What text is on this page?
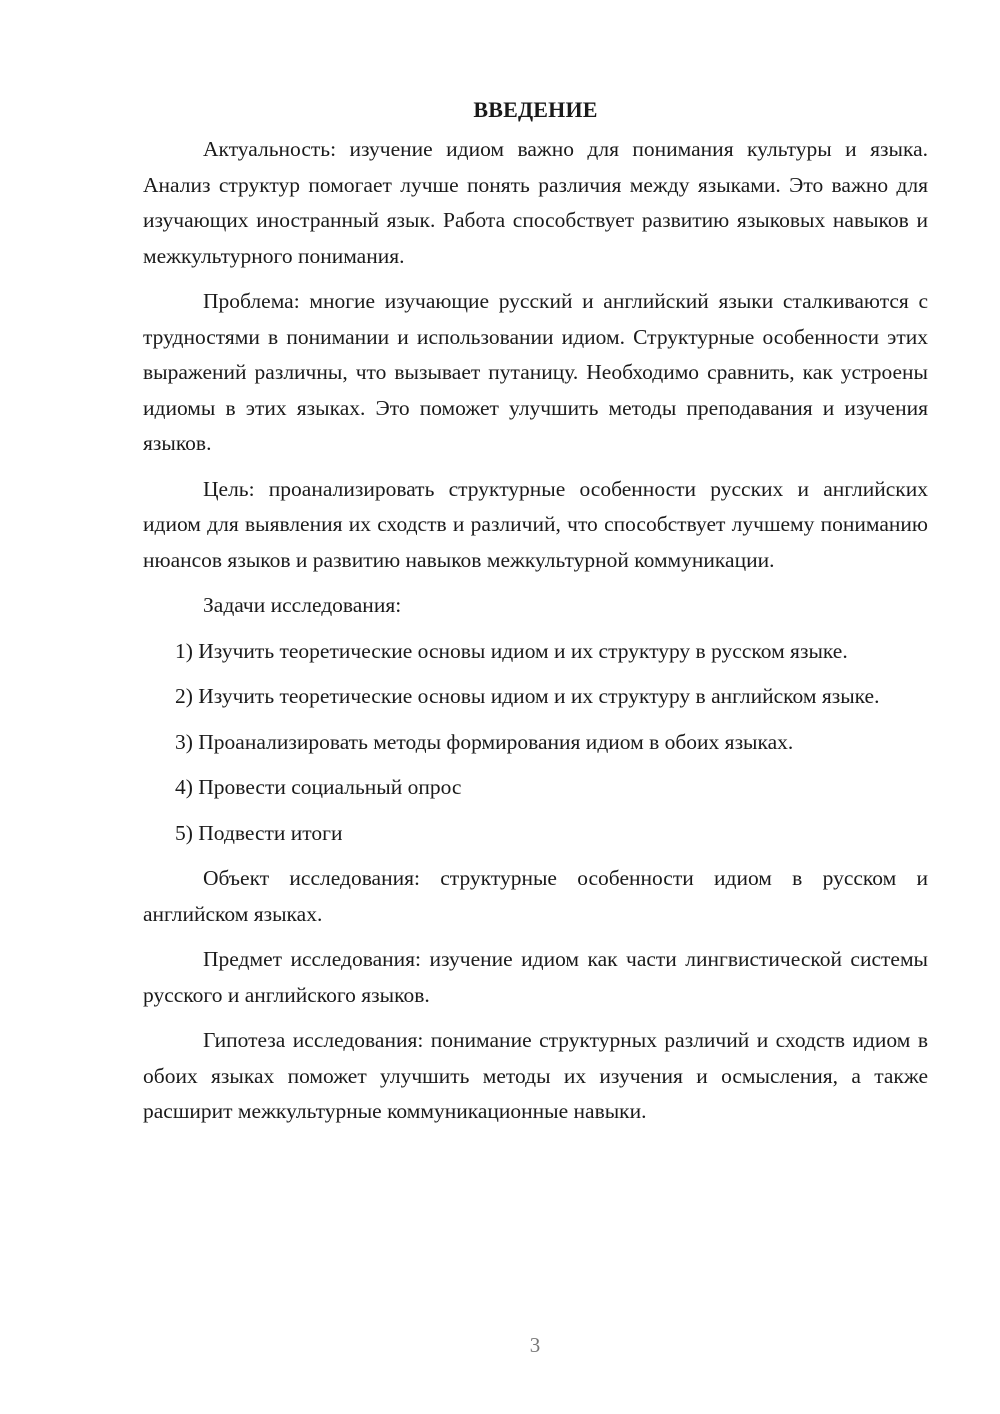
ВВЕДЕНИЕ

Актуальность: изучение идиом важно для понимания культуры и языка. Анализ структур помогает лучше понять различия между языками. Это важно для изучающих иностранный язык. Работа способствует развитию языковых навыков и межкультурного понимания.

Проблема: многие изучающие русский и английский языки сталкиваются с трудностями в понимании и использовании идиом. Структурные особенности этих выражений различны, что вызывает путаницу. Необходимо сравнить, как устроены идиомы в этих языках. Это поможет улучшить методы преподавания и изучения языков.

Цель: проанализировать структурные особенности русских и английских идиом для выявления их сходств и различий, что способствует лучшему пониманию нюансов языков и развитию навыков межкультурной коммуникации.

Задачи исследования:

1) Изучить теоретические основы идиом и их структуру в русском языке.

2) Изучить теоретические основы идиом и их структуру в английском языке.

3) Проанализировать методы формирования идиом в обоих языках.

4) Провести социальный опрос

5) Подвести итоги

Объект исследования: структурные особенности идиом в русском и английском языках.

Предмет исследования: изучение идиом как части лингвистической системы русского и английского языков.

Гипотеза исследования: понимание структурных различий и сходств идиом в обоих языках поможет улучшить методы их изучения и осмысления, а также расширит межкультурные коммуникационные навыки.

3
